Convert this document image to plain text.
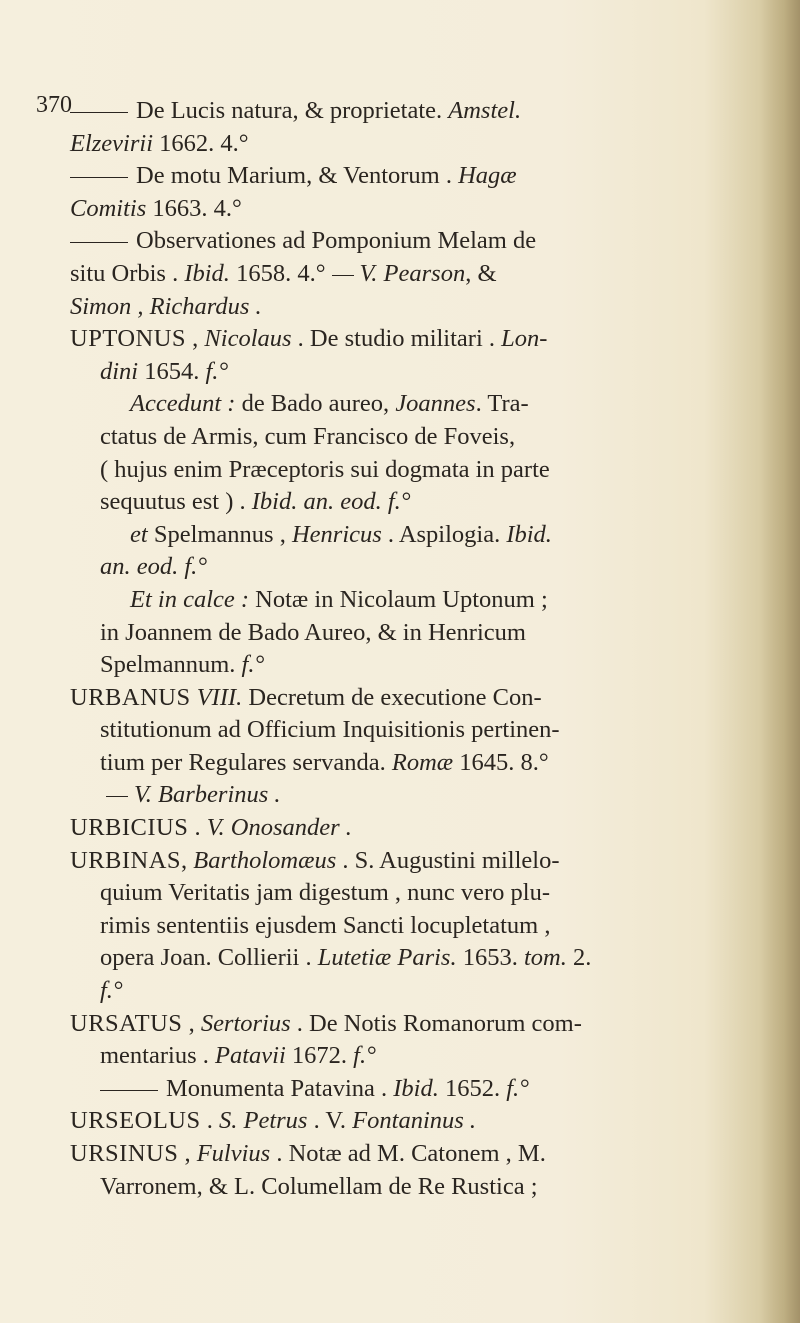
370	De Lucis natura, & proprietate. Amstel.
Elzevirii 1662. 4.°
De motu Marium, & Ventorum . Hagæ
Comitis 1663. 4.°
Observationes ad Pomponium Melam de
situ Orbis . Ibid. 1658. 4.° V. Pearson, &
Simon , Richardus .
UPTONUS , Nicolaus . De studio militari . Lon-
dini 1654. f.°
Accedunt : de Bado aureo, Joannes. Tra-
ctatus de Armis, cum Francisco de Foveis,
( hujus enim Præceptoris sui dogmata in parte
sequutus est ) . Ibid. an. eod. f.°
et Spelmannus , Henricus . Aspilogia. Ibid.
an. eod. f.°
Et in calce : Notæ in Nicolaum Uptonum ;
in Joannem de Bado Aureo, & in Henricum
Spelmannum. f.°
URBANUS VIII. Decretum de executione Con-
stitutionum ad Officium Inquisitionis pertinen-
tium per Regulares servanda. Romæ 1645. 8.°
V. Barberinus .
URBICIUS . V. Onosander .
URBINAS, Bartholomæus . S. Augustini millelo-
quium Veritatis jam digestum , nunc vero plu-
rimis sententiis ejusdem Sancti locupletatum ,
opera Joan. Collierii . Lutetiæ Paris. 1653. tom. 2.
f.°
URSATUS , Sertorius . De Notis Romanorum com-
mentarius . Patavii 1672. f.°
Monumenta Patavina . Ibid. 1652. f.°
URSEOLUS . S. Petrus . V. Fontaninus .
URSINUS , Fulvius . Notæ ad M. Catonem , M.
Varronem, & L. Columellam de Re Rustica ;
